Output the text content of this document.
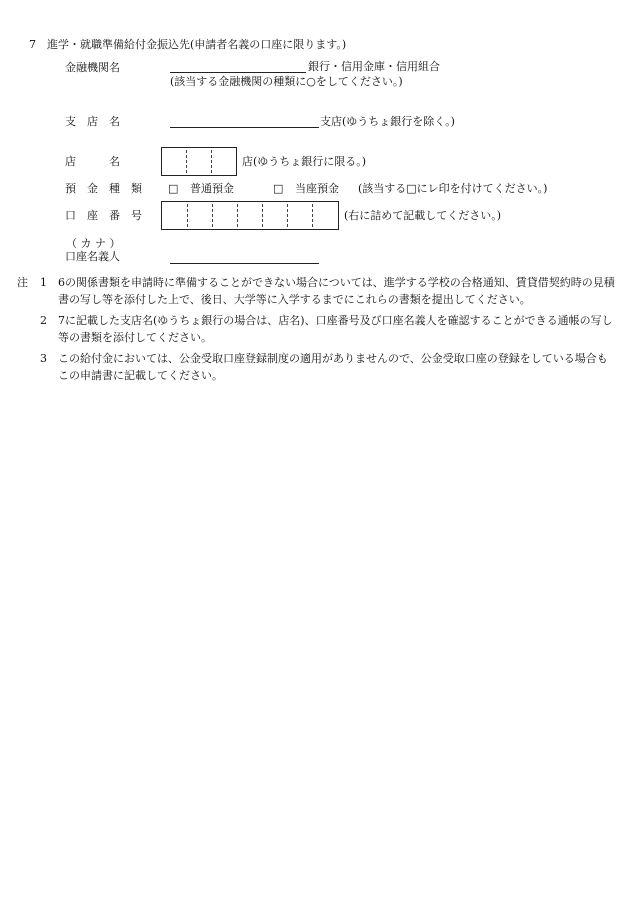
7 進学・就職準備給付金振込先(申請者名義の口座に限ります。)
金融機関名	銀行・信用金庫・信用組合
(該当する金融機関の種類に○をしてください。)
支　店　名	支店(ゆうちょ銀行を除く。)
店　　　名	店(ゆうちょ銀行に限る。)
預　金　種　類 □ 普通預金	□ 当座預金 (該当する□にレ印を付けてください。)
口　座　番　号	(右に詰めて記載してください。)
（ カ ナ ）
口座名義人
注 1	6の関係書類を申請時に準備することができない場合については、進学する学校の合格通知、賃貸借契約時の見積書の写し等を添付した上で、後日、大学等に入学するまでにこれらの書類を提出してください。
2	7に記載した支店名(ゆうちょ銀行の場合は、店名)、口座番号及び口座名義人を確認することができる通帳の写し等の書類を添付してください。
3	この給付金においては、公金受取口座登録制度の適用がありませんので、公金受取口座の登録をしている場合もこの申請書に記載してください。
